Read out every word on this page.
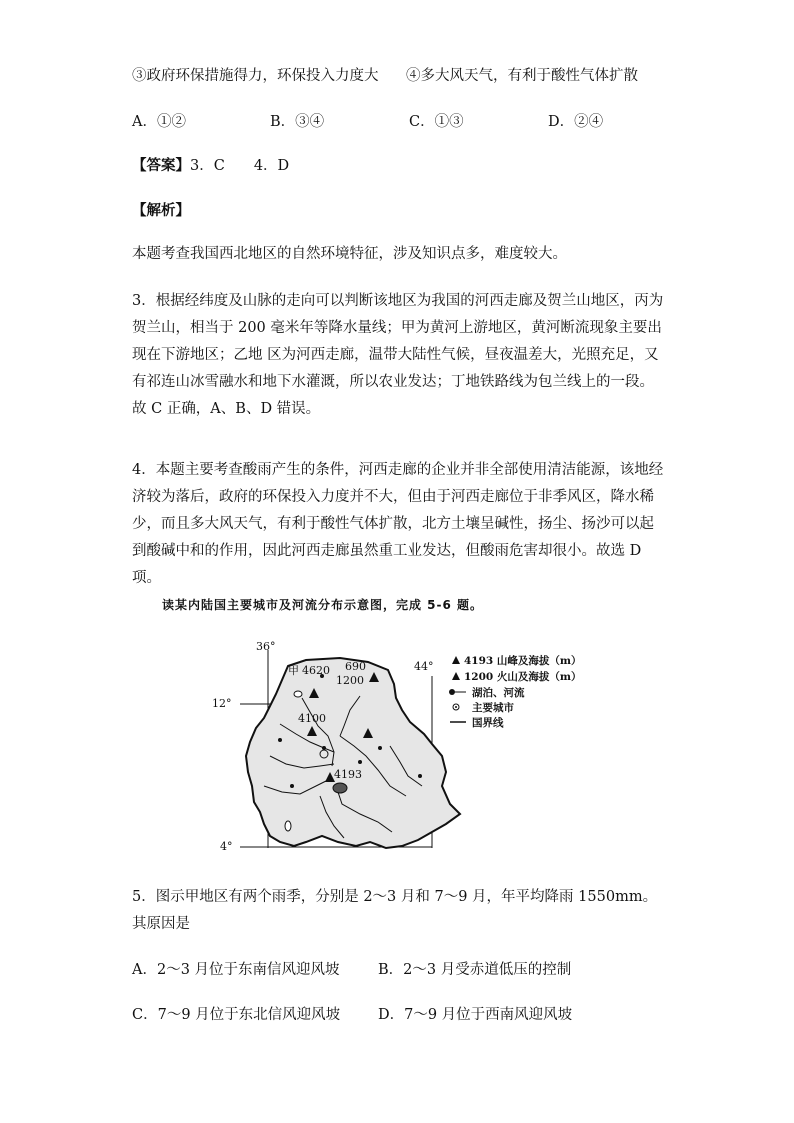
③政府环保措施得力，环保投入力度大 ④多大风天气，有利于酸性气体扩散
A．①②	B．③④	C．①③	D．②④
【答案】3．C　　4．D
【解析】
本题考查我国西北地区的自然环境特征，涉及知识点多，难度较大。
3．根据经纬度及山脉的走向可以判断该地区为我国的河西走廊及贺兰山地区，丙为贺兰山，相当于 200 毫米年等降水量线；甲为黄河上游地区，黄河断流现象主要出现在下游地区；乙地 区为河西走廊，温带大陆性气候，昼夜温差大，光照充足，又有祁连山冰雪融水和地下水灌溉，所以农业发达；丁地铁路线为包兰线上的一段。故 C 正确，A、B、D 错误。
4．本题主要考查酸雨产生的条件，河西走廊的企业并非全部使用清洁能源，该地经济较为落后，政府的环保投入力度并不大，但由于河西走廊位于非季风区，降水稀少，而且多大风天气，有利于酸性气体扩散，北方土壤呈碱性，扬尘、扬沙可以起到酸碱中和的作用，因此河西走廊虽然重工业发达，但酸雨危害却很小。故选 D 项。
读某内陆国主要城市及河流分布示意图，完成 5-6 题。
36°
44°
12°
4°
甲 4620 690
1200
4100
4193
4193 山峰及海拔（m）
1200 火山及海拔（m）
湖泊、河流
主要城市
国界线
5．图示甲地区有两个雨季，分别是 2～3 月和 7～9 月，年平均降雨 1550mm。其原因是
A．2～3 月位于东南信风迎风坡	B．2～3 月受赤道低压的控制
C．7～9 月位于东北信风迎风坡	D．7～9 月位于西南风迎风坡
